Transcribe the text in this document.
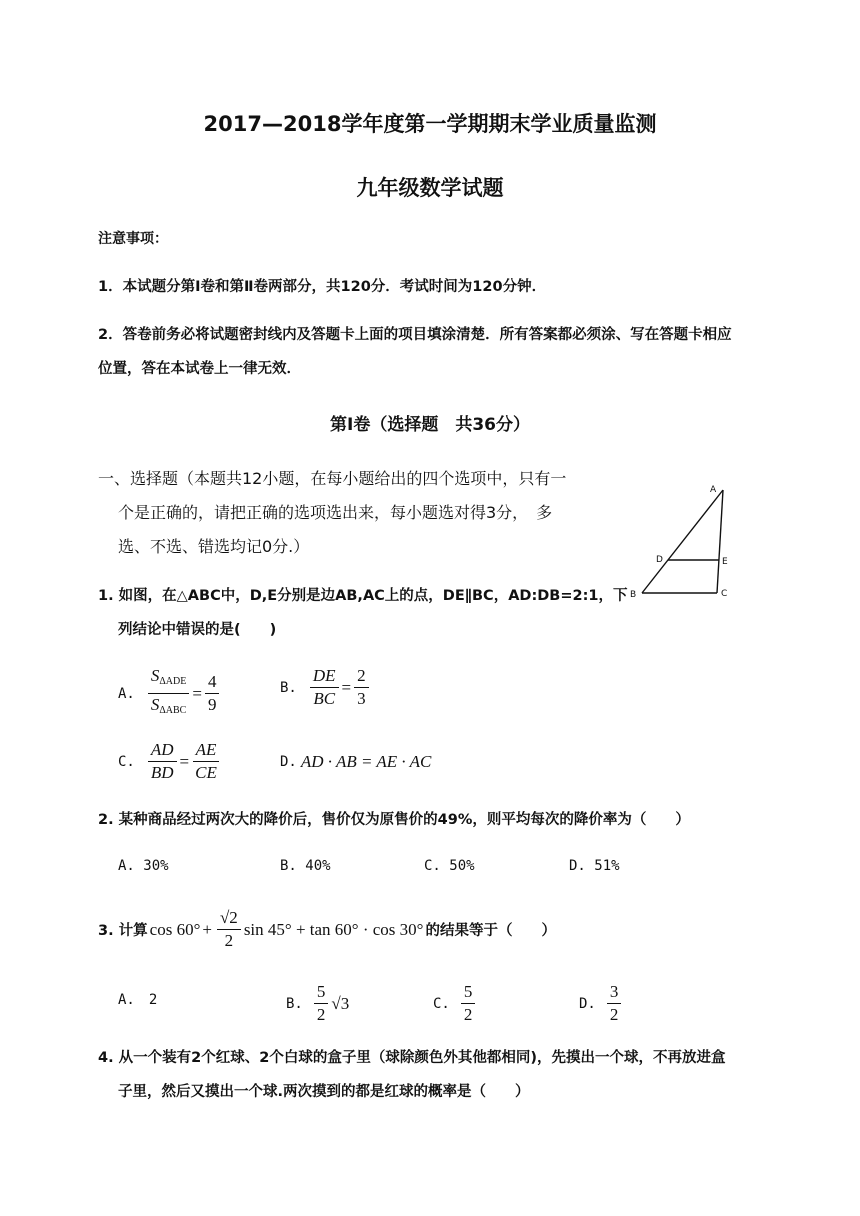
2017—2018学年度第一学期期末学业质量监测
九年级数学试题
注意事项：
1．本试题分第Ⅰ卷和第Ⅱ卷两部分，共120分．考试时间为120分钟．
2．答卷前务必将试题密封线内及答题卡上面的项目填涂清楚．所有答案都必须涂、写在答题卡相应
位置，答在本试卷上一律无效．
第Ⅰ卷（选择题　共36分）
一、选择题（本题共12小题，在每小题给出的四个选项中，只有一
个是正确的，请把正确的选项选出来，每小题选对得3分，　多
选、不选、错选均记0分.）
A
B	C
D	E
1. 如图，在△ABC中，D,E分别是边AB,AC上的点，DE∥BC，AD:DB=2:1，下
列结论中错误的是(　　)
A. $\frac{S_{\Delta ADE}}{S_{\Delta ABC}} = \frac{4}{9}$	B. $\frac{DE}{BC} = \frac{2}{3}$
C. $\frac{AD}{BD} = \frac{AE}{CE}$	D. AD · AB = AE · AC
2. 某种商品经过两次大的降价后，售价仅为原售价的49%，则平均每次的降价率为（　　）
A. 30%	B. 40%	C. 50%	D. 51%
3. 计算 $\cos 60^\circ + \frac{√2}{2}$ sin 45° + tan 60° · cos 30° 的结果等于（　　）
A. 2	B. $\frac{5}{2} √3$	C. $\frac{5}{2}$	D. $\frac{3}{2}$
4. 从一个装有2个红球、2个白球的盒子里（球除颜色外其他都相同)，先摸出一个球，不再放进盒
子里，然后又摸出一个球.两次摸到的都是红球的概率是（　　）
